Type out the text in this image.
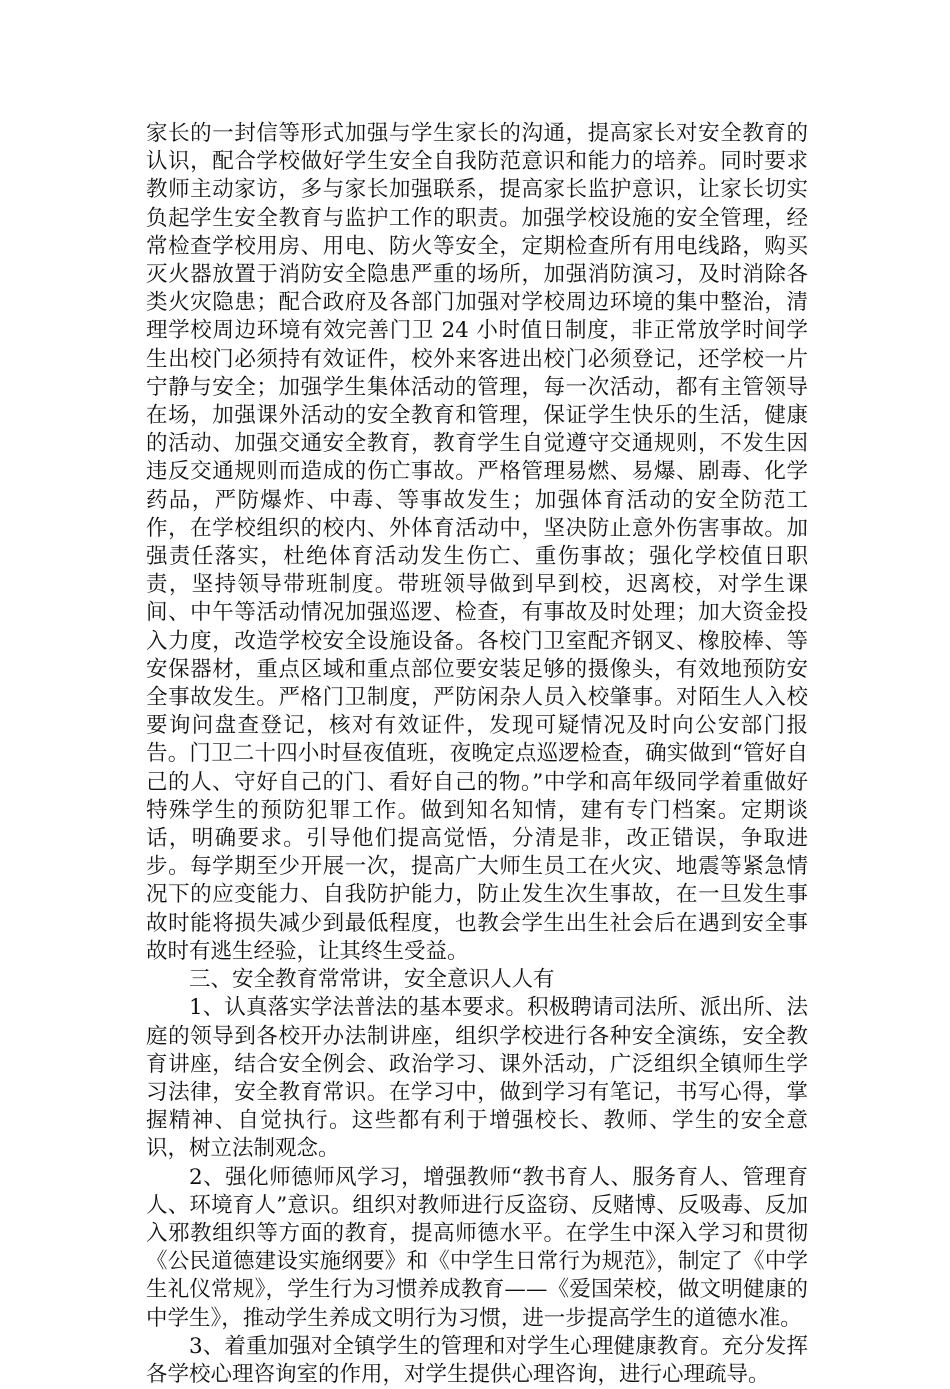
家长的一封信等形式加强与学生家长的沟通，提高家长对安全教育的认识，配合学校做好学生安全自我防范意识和能力的培养。同时要求教师主动家访，多与家长加强联系，提高家长监护意识，让家长切实负起学生安全教育与监护工作的职责。加强学校设施的安全管理，经常检查学校用房、用电、防火等安全，定期检查所有用电线路，购买灭火器放置于消防安全隐患严重的场所，加强消防演习，及时消除各类火灾隐患；配合政府及各部门加强对学校周边环境的集中整治，清理学校周边环境有效完善门卫 24 小时值日制度，非正常放学时间学生出校门必须持有效证件，校外来客进出校门必须登记，还学校一片宁静与安全；加强学生集体活动的管理，每一次活动，都有主管领导在场，加强课外活动的安全教育和管理，保证学生快乐的生活，健康的活动、加强交通安全教育，教育学生自觉遵守交通规则，不发生因违反交通规则而造成的伤亡事故。严格管理易燃、易爆、剧毒、化学药品，严防爆炸、中毒、等事故发生；加强体育活动的安全防范工作，在学校组织的校内、外体育活动中，坚决防止意外伤害事故。加强责任落实，杜绝体育活动发生伤亡、重伤事故；强化学校值日职责，坚持领导带班制度。带班领导做到早到校，迟离校，对学生课间、中午等活动情况加强巡逻、检查，有事故及时处理；加大资金投入力度，改造学校安全设施设备。各校门卫室配齐钢叉、橡胶棒、等安保器材，重点区域和重点部位要安装足够的摄像头，有效地预防安全事故发生。严格门卫制度，严防闲杂人员入校肇事。对陌生人入校要询问盘查登记，核对有效证件，发现可疑情况及时向公安部门报告。门卫二十四小时昼夜值班，夜晚定点巡逻检查，确实做到“管好自己的人、守好自己的门、看好自己的物。”中学和高年级同学着重做好特殊学生的预防犯罪工作。做到知名知情，建有专门档案。定期谈话，明确要求。引导他们提高觉悟，分清是非，改正错误，争取进步。每学期至少开展一次，提高广大师生员工在火灾、地震等紧急情况下的应变能力、自我防护能力，防止发生次生事故，在一旦发生事故时能将损失减少到最低程度，也教会学生出生社会后在遇到安全事故时有逃生经验，让其终生受益。

三、安全教育常常讲，安全意识人人有

1、认真落实学法普法的基本要求。积极聘请司法所、派出所、法庭的领导到各校开办法制讲座，组织学校进行各种安全演练，安全教育讲座，结合安全例会、政治学习、课外活动，广泛组织全镇师生学习法律，安全教育常识。在学习中，做到学习有笔记，书写心得，掌握精神、自觉执行。这些都有利于增强校长、教师、学生的安全意识，树立法制观念。

2、强化师德师风学习，增强教师“教书育人、服务育人、管理育人、环境育人”意识。组织对教师进行反盗窃、反赌博、反吸毒、反加入邪教组织等方面的教育，提高师德水平。在学生中深入学习和贯彻《公民道德建设实施纲要》和《中学生日常行为规范》，制定了《中学生礼仪常规》，学生行为习惯养成教育——《爱国荣校，做文明健康的中学生》，推动学生养成文明行为习惯，进一步提高学生的道德水准。

3、着重加强对全镇学生的管理和对学生心理健康教育。充分发挥各学校心理咨询室的作用，对学生提供心理咨询，进行心理疏导。
